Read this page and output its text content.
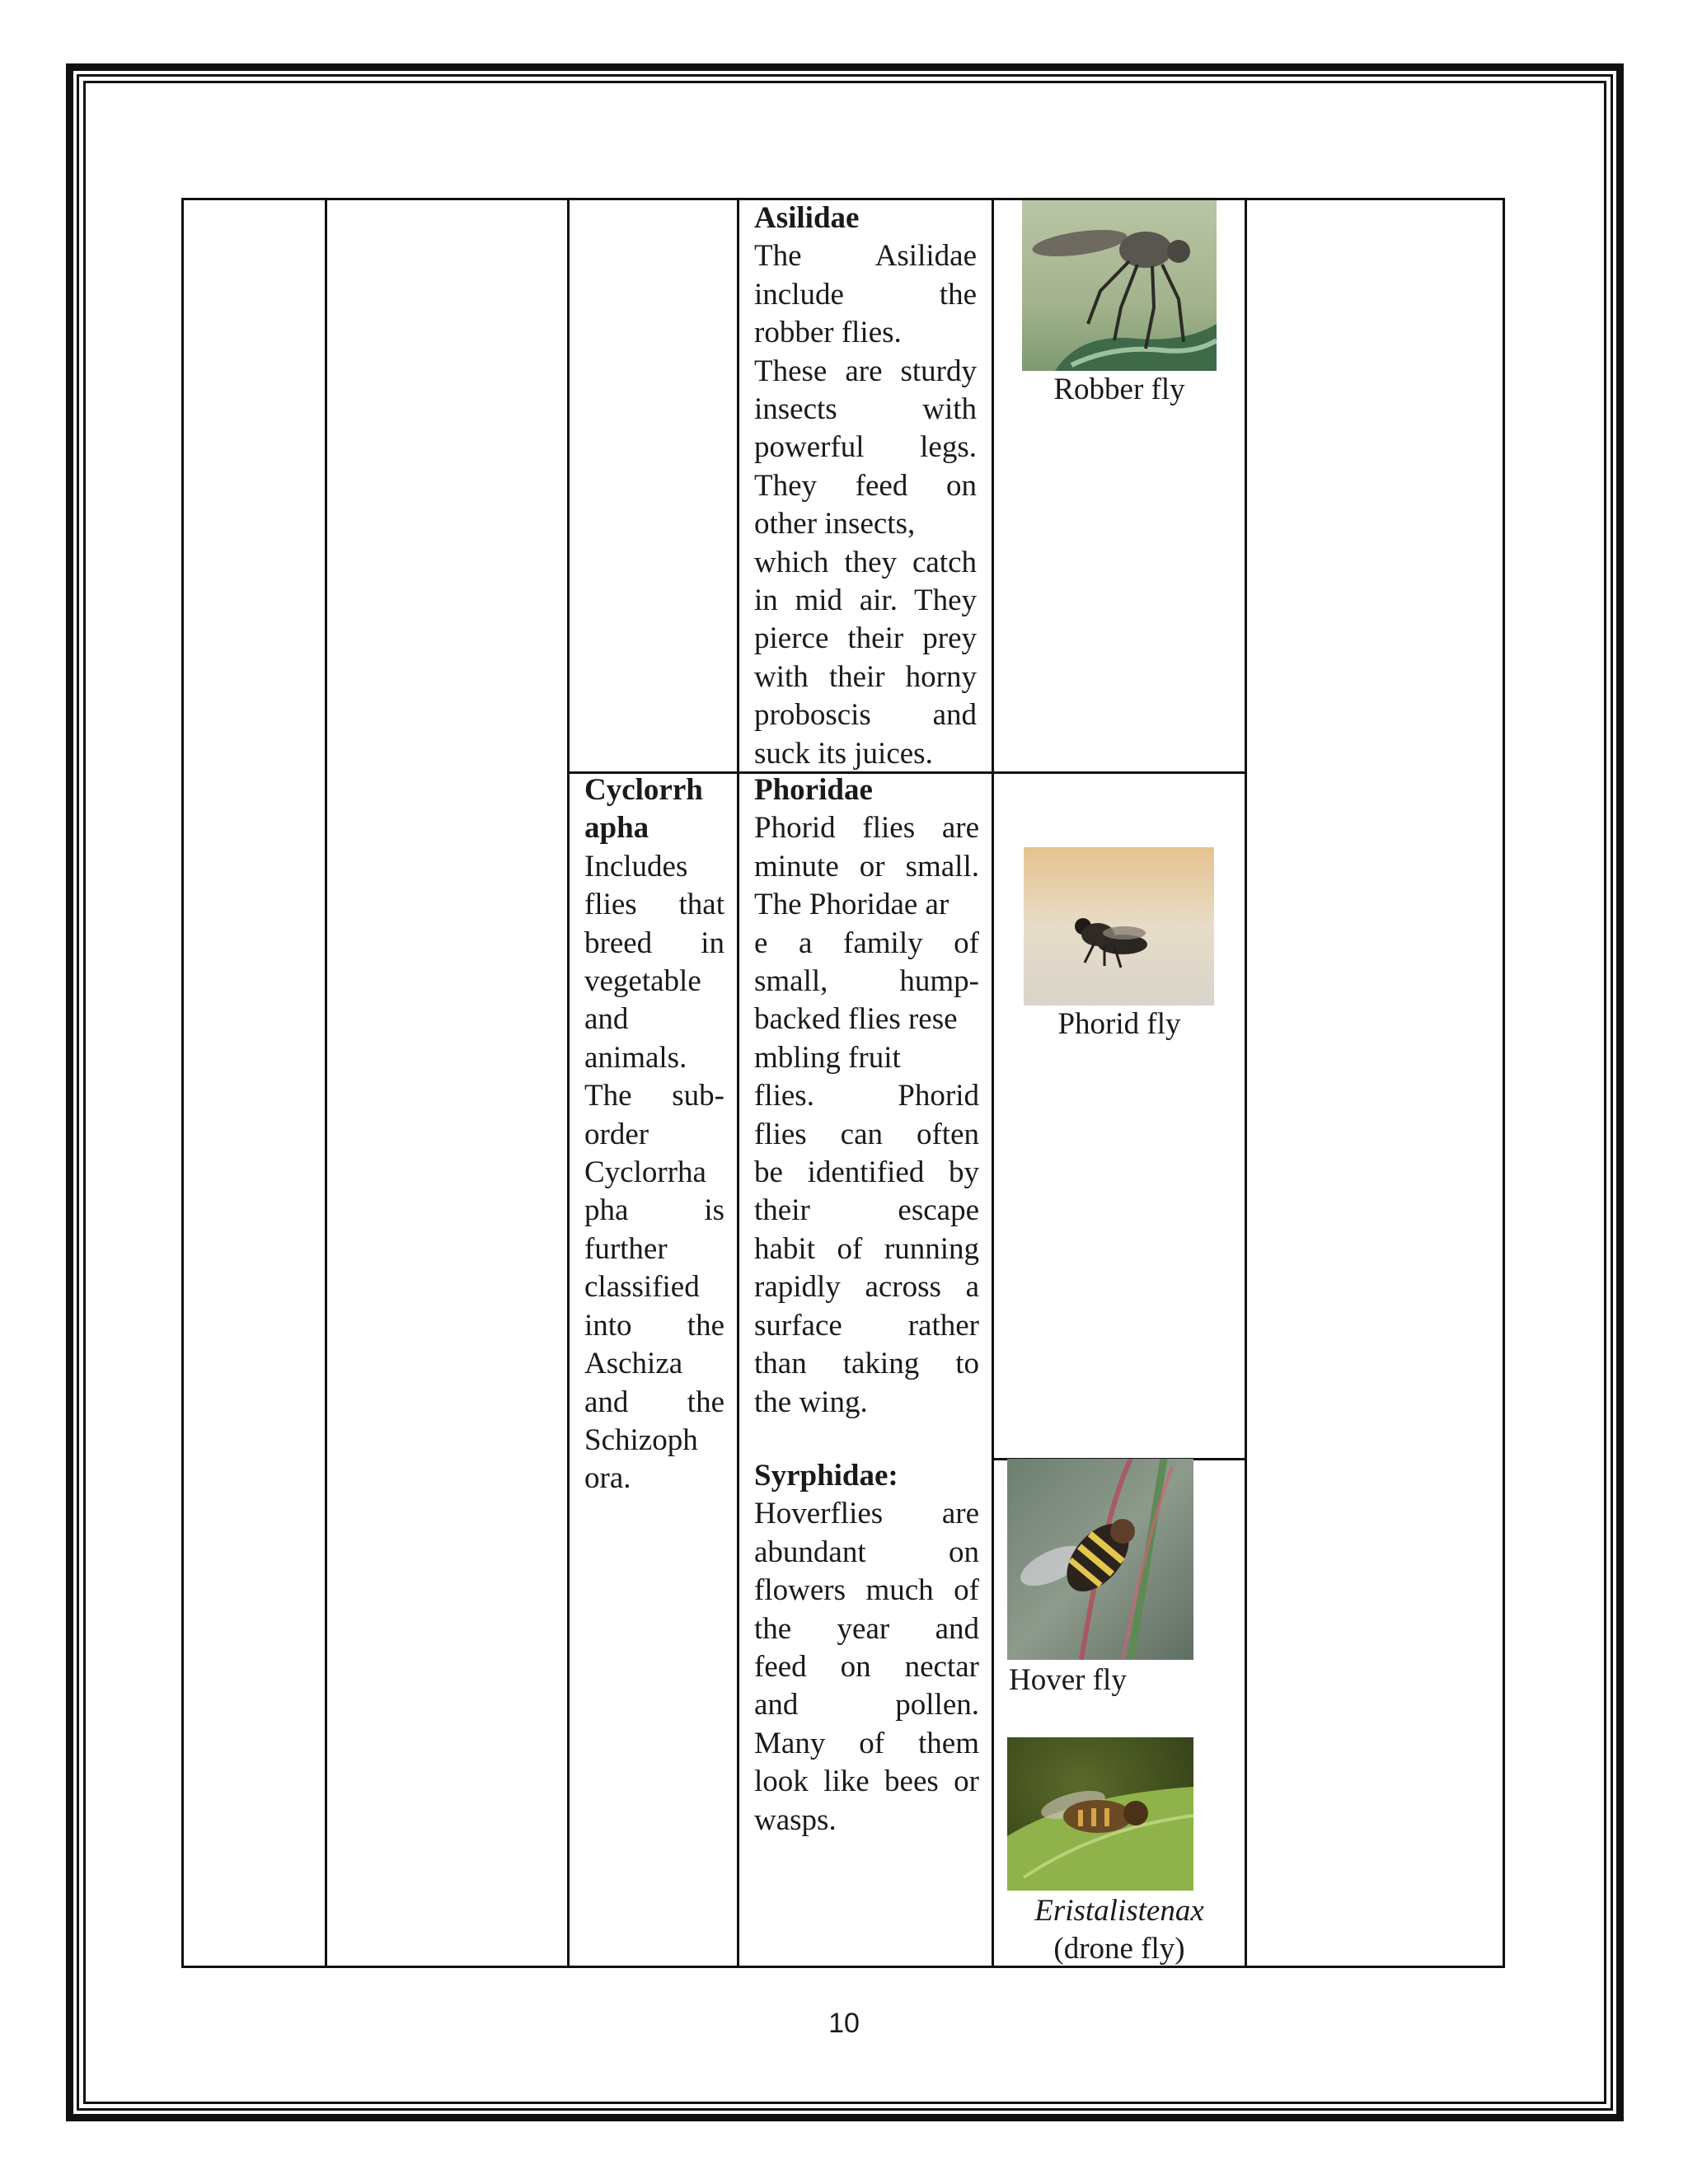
Asilidae
The Asilidae
include the
robber flies.
These are sturdy
insects with
powerful legs.
They feed on
other insects,
which they catch
in mid air. They
pierce their prey
with their horny
proboscis and
suck its juices.
Robber fly
Cyclorrh
apha
Includes
flies that
breed in
vegetable
and
animals.
The sub-
order
Cyclorrha
pha is
further
classified
into the
Aschiza
and the
Schizoph
ora.
Phoridae
Phorid flies are
minute or small.
The Phoridae ar
e a family of
small, hump-
backed flies rese
mbling fruit
flies. Phorid
flies can often
be identified by
their escape
habit of running
rapidly across a
surface rather
than taking to
the wing.
Phorid fly
Syrphidae:
Hoverflies are
abundant on
flowers much of
the year and
feed on nectar
and pollen.
Many of them
look like bees or
wasps.
Hover fly
Eristalistenax
(drone fly)
10
